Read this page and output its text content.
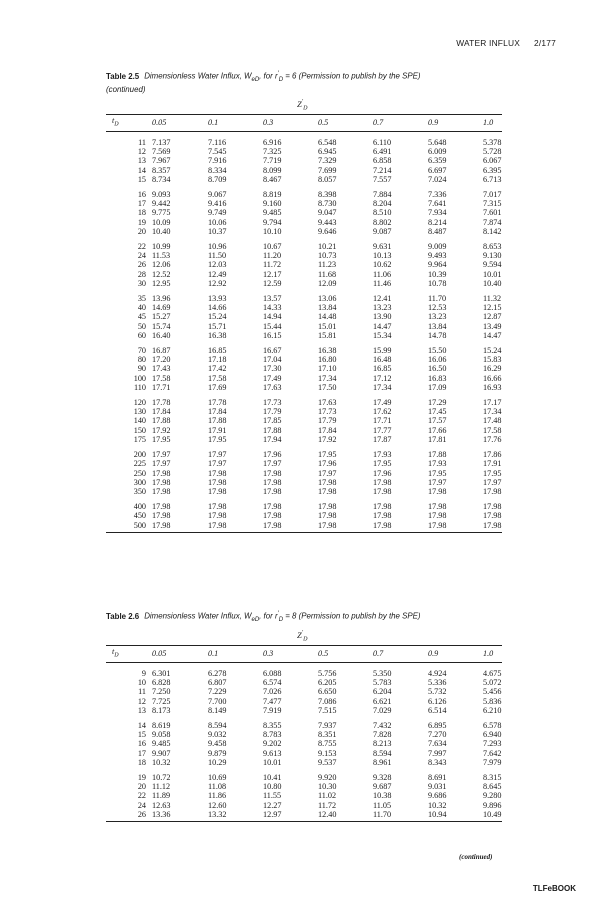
WATER INFLUX 2/177
Table 2.5 Dimensionless Water Influx, $W_{eD}$, for $r'_D = 6$ (Permission to publish by the SPE)
(continued)
$Z'_D$
$t_D$	0.05	0.1	0.3	0.5	0.7	0.9	1.0
11	7.137	7.116	6.916	6.548	6.110	5.648	5.378
12	7.569	7.545	7.325	6.945	6.491	6.009	5.728
13	7.967	7.916	7.719	7.329	6.858	6.359	6.067
14	8.357	8.334	8.099	7.699	7.214	6.697	6.395
15	8.734	8.709	8.467	8.057	7.557	7.024	6.713
16	9.093	9.067	8.819	8.398	7.884	7.336	7.017
17	9.442	9.416	9.160	8.730	8.204	7.641	7.315
18	9.775	9.749	9.485	9.047	8.510	7.934	7.601
19	10.09	10.06	9.794	9.443	8.802	8.214	7.874
20	10.40	10.37	10.10	9.646	9.087	8.487	8.142
22	10.99	10.96	10.67	10.21	9.631	9.009	8.653
24	11.53	11.50	11.20	10.73	10.13	9.493	9.130
26	12.06	12.03	11.72	11.23	10.62	9.964	9.594
28	12.52	12.49	12.17	11.68	11.06	10.39	10.01
30	12.95	12.92	12.59	12.09	11.46	10.78	10.40
35	13.96	13.93	13.57	13.06	12.41	11.70	11.32
40	14.69	14.66	14.33	13.84	13.23	12.53	12.15
45	15.27	15.24	14.94	14.48	13.90	13.23	12.87
50	15.74	15.71	15.44	15.01	14.47	13.84	13.49
60	16.40	16.38	16.15	15.81	15.34	14.78	14.47
70	16.87	16.85	16.67	16.38	15.99	15.50	15.24
80	17.20	17.18	17.04	16.80	16.48	16.06	15.83
90	17.43	17.42	17.30	17.10	16.85	16.50	16.29
100	17.58	17.58	17.49	17.34	17.12	16.83	16.66
110	17.71	17.69	17.63	17.50	17.34	17.09	16.93
120	17.78	17.78	17.73	17.63	17.49	17.29	17.17
130	17.84	17.84	17.79	17.73	17.62	17.45	17.34
140	17.88	17.88	17.85	17.79	17.71	17.57	17.48
150	17.92	17.91	17.88	17.84	17.77	17.66	17.58
175	17.95	17.95	17.94	17.92	17.87	17.81	17.76
200	17.97	17.97	17.96	17.95	17.93	17.88	17.86
225	17.97	17.97	17.97	17.96	17.95	17.93	17.91
250	17.98	17.98	17.98	17.97	17.96	17.95	17.95
300	17.98	17.98	17.98	17.98	17.98	17.97	17.97
350	17.98	17.98	17.98	17.98	17.98	17.98	17.98
400	17.98	17.98	17.98	17.98	17.98	17.98	17.98
450	17.98	17.98	17.98	17.98	17.98	17.98	17.98
500	17.98	17.98	17.98	17.98	17.98	17.98	17.98
Table 2.6 Dimensionless Water Influx, $W_{eD}$, for $r'_D = 8$ (Permission to publish by the SPE)
$Z'_D$
$t_D$	0.05	0.1	0.3	0.5	0.7	0.9	1.0
9	6.301	6.278	6.088	5.756	5.350	4.924	4.675
10	6.828	6.807	6.574	6.205	5.783	5.336	5.072
11	7.250	7.229	7.026	6.650	6.204	5.732	5.456
12	7.725	7.700	7.477	7.086	6.621	6.126	5.836
13	8.173	8.149	7.919	7.515	7.029	6.514	6.210
14	8.619	8.594	8.355	7.937	7.432	6.895	6.578
15	9.058	9.032	8.783	8.351	7.828	7.270	6.940
16	9.485	9.458	9.202	8.755	8.213	7.634	7.293
17	9.907	9.879	9.613	9.153	8.594	7.997	7.642
18	10.32	10.29	10.01	9.537	8.961	8.343	7.979
19	10.72	10.69	10.41	9.920	9.328	8.691	8.315
20	11.12	11.08	10.80	10.30	9.687	9.031	8.645
22	11.89	11.86	11.55	11.02	10.38	9.686	9.280
24	12.63	12.60	12.27	11.72	11.05	10.32	9.896
26	13.36	13.32	12.97	12.40	11.70	10.94	10.49
(continued)
TLFeBOOK
